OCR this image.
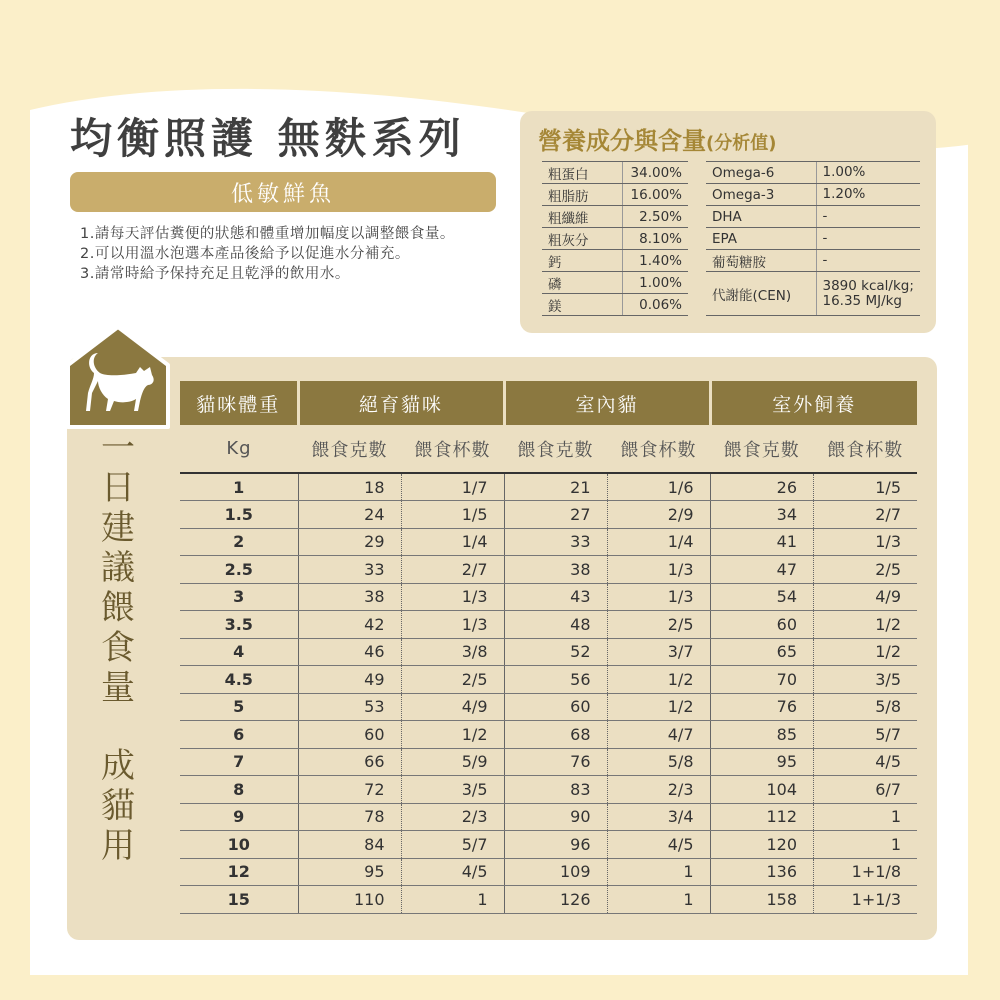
均衡照護 無麩系列
低敏鮮魚
1.請每天評估糞便的狀態和體重增加幅度以調整餵食量。
2.可以用溫水泡選本產品後給予以促進水分補充。
3.請常時給予保持充足且乾淨的飲用水。
營養成分與含量(分析值)
粗蛋白	34.00%		Omega-6	1.00%
粗脂肪	16.00%		Omega-3	1.20%
粗纖維	2.50%		DHA	-
粗灰分	8.10%		EPA	-
鈣	1.40%		葡萄糖胺	-
磷	1.00%		代謝能(CEN)	3890 kcal/kg;
16.35 MJ/kg

鎂	0.06%			
一
日
建
議
餵
食
量
成
貓
用
貓咪體重	絕育貓咪		室內貓		室外飼養	
Kg	餵食克數	餵食杯數	餵食克數	餵食杯數	餵食克數	餵食杯數
1	18	1/7	21	1/6	26	1/5
1.5	24	1/5	27	2/9	34	2/7
2	29	1/4	33	1/4	41	1/3
2.5	33	2/7	38	1/3	47	2/5
3	38	1/3	43	1/3	54	4/9
3.5	42	1/3	48	2/5	60	1/2
4	46	3/8	52	3/7	65	1/2
4.5	49	2/5	56	1/2	70	3/5
5	53	4/9	60	1/2	76	5/8
6	60	1/2	68	4/7	85	5/7
7	66	5/9	76	5/8	95	4/5
8	72	3/5	83	2/3	104	6/7
9	78	2/3	90	3/4	112	1
10	84	5/7	96	4/5	120	1
12	95	4/5	109	1	136	1+1/8
15	110	1	126	1	158	1+1/3
